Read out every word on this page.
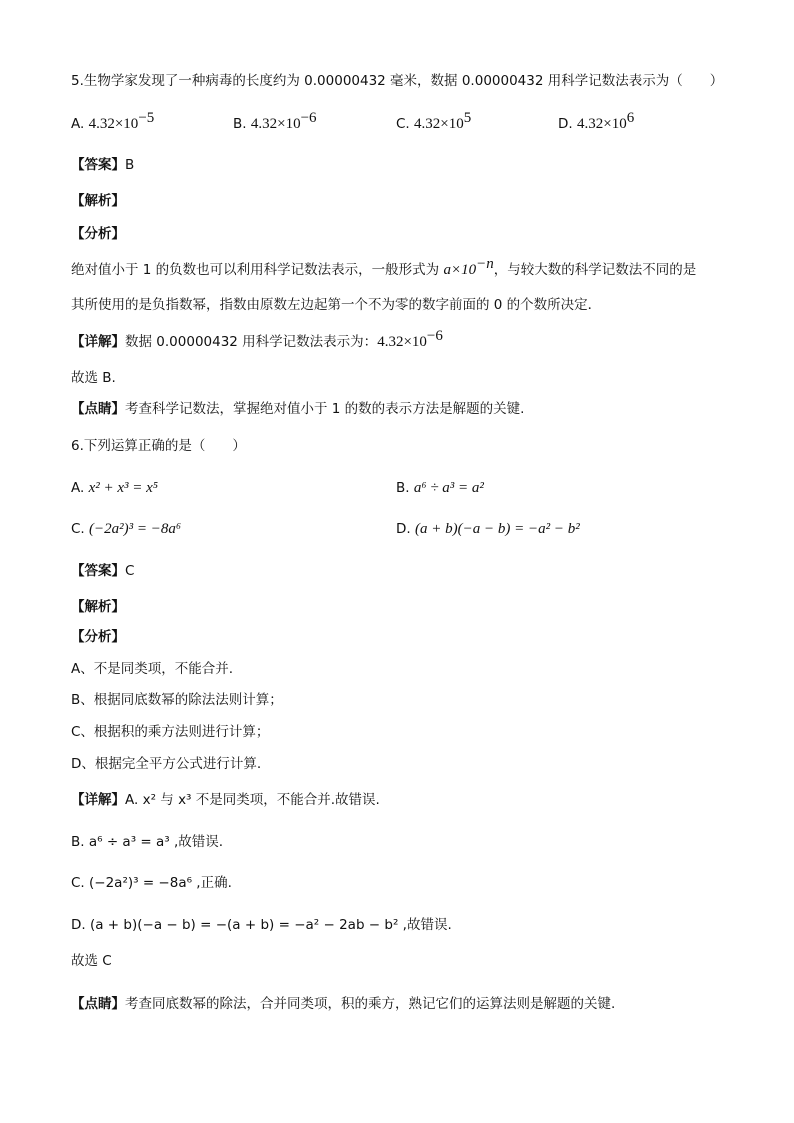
5.生物学家发现了一种病毒的长度约为 0.00000432 毫米，数据 0.00000432 用科学记数法表示为（　　）
A. $4.32\times 10^{-5}$	B. $4.32\times 10^{-6}$	C. $4.32\times 10^5$	D. $4.32\times 10^6$
【答案】B
【解析】
【分析】
绝对值小于 1 的负数也可以利用科学记数法表示，一般形式为 $a\times 10^{-n}$，与较大数的科学记数法不同的是
其所使用的是负指数幂，指数由原数左边起第一个不为零的数字前面的 0 的个数所决定．
【详解】数据 0.00000432 用科学记数法表示为：$4.32\times 10^{-6}$
故选 B.
【点睛】考查科学记数法，掌握绝对值小于 1 的数的表示方法是解题的关键.
6.下列运算正确的是（　　）
A. x² + x³ = x⁵	B. a⁶ ÷ a³ = a²
C. (−2a²)³ = −8a⁶	D. (a + b)(−a − b) = −a² − b²
【答案】C
【解析】
【分析】
A、不是同类项，不能合并.
B、根据同底数幂的除法法则计算；
C、根据积的乘方法则进行计算；
D、根据完全平方公式进行计算.
【详解】A. x² 与 x³ 不是同类项，不能合并.故错误.
B. a⁶ ÷ a³ = a³ ,故错误.
C. (−2a²)³ = −8a⁶ ,正确.
D. (a + b)(−a − b) = −(a + b) = −a² − 2ab − b² ,故错误.
故选 C
【点睛】考查同底数幂的除法，合并同类项，积的乘方，熟记它们的运算法则是解题的关键.
